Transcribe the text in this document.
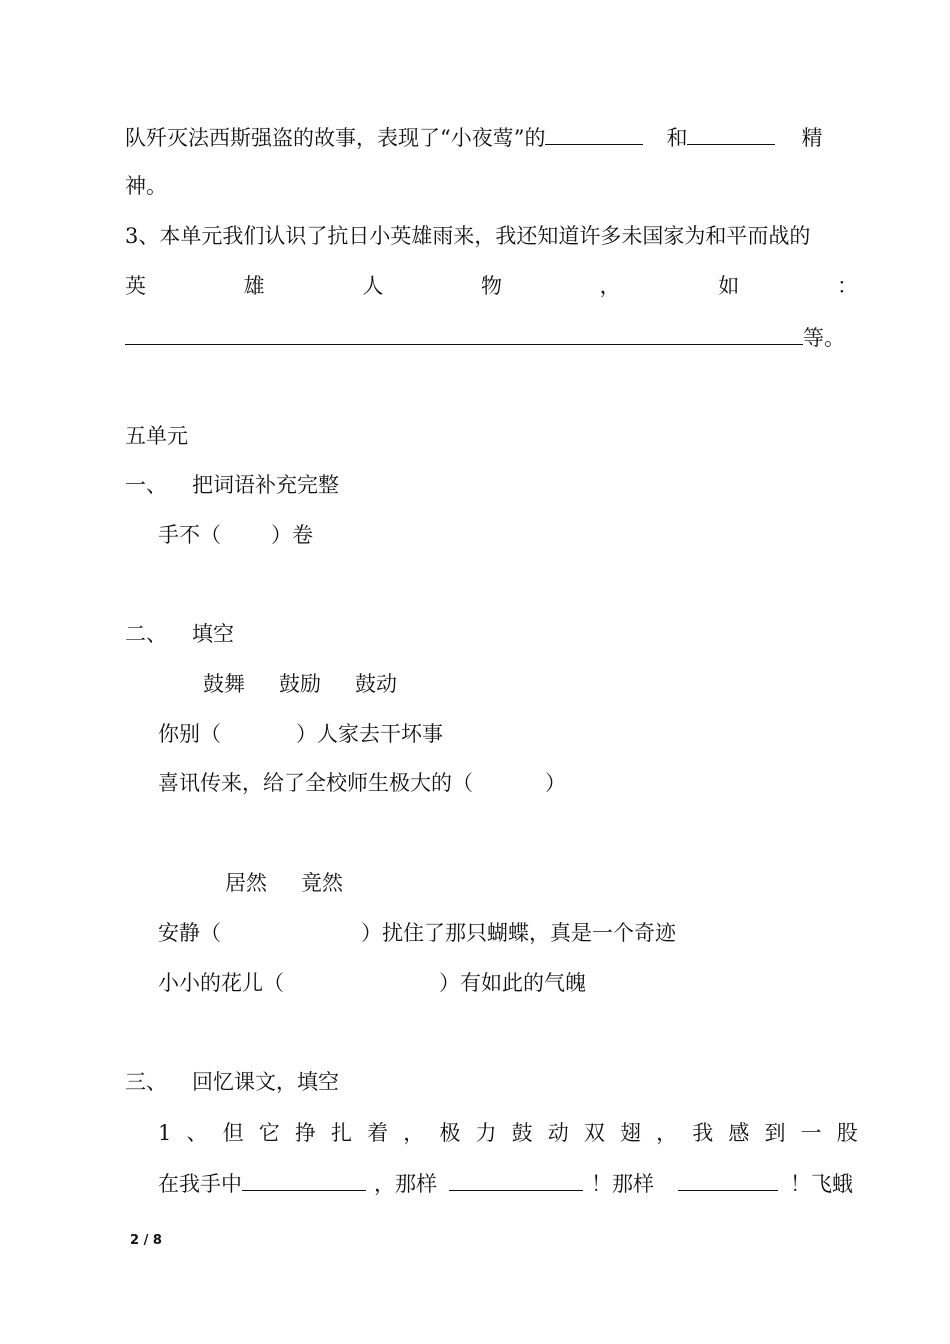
队歼灭法西斯强盗的故事，表现了“小夜莺”的	和	精
神。
3、本单元我们认识了抗日小英雄雨来，我还知道许多未国家为和平而战的
英	雄	人	物	，	如	：
等。
五单元
一、 把词语补充完整
手不（ ）卷
二、 填空
鼓舞 鼓励 鼓动
你别（	）人家去干坏事
喜讯传来，给了全校师生极大的（	）
居然 竟然
安静（	）扰住了那只蝴蝶，真是一个奇迹
小小的花儿（	）有如此的气魄
三、 回忆课文，填空
1 、 但 它 挣 扎 着 ， 极 力 鼓 动 双 翅 ， 我 感 到 一 股
在我手中	，那样	！那样	！飞蛾
2 / 8
